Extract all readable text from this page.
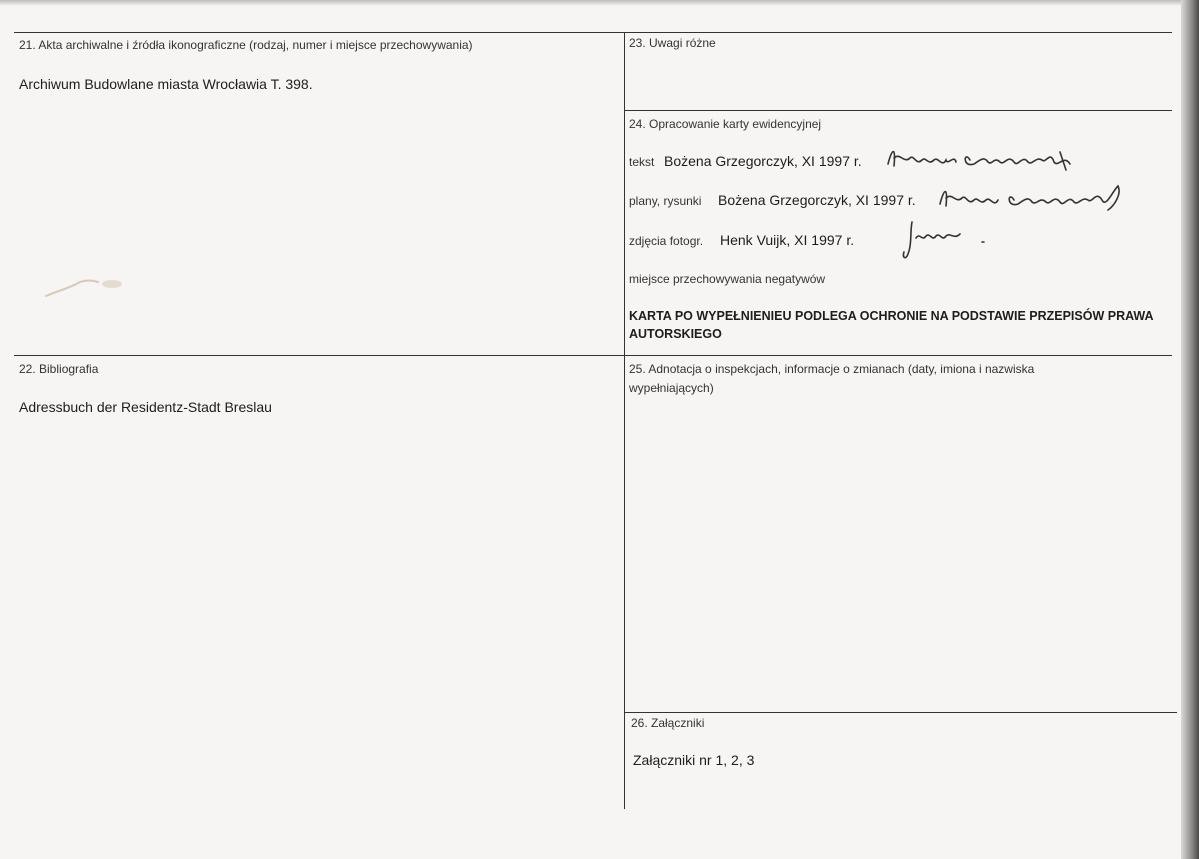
21. Akta archiwalne i źródła ikonograficzne (rodzaj, numer i miejsce przechowywania)
Archiwum Budowlane miasta Wrocławia T. 398.
22. Bibliografia
Adressbuch der Residentz-Stadt Breslau
23. Uwagi różne
24. Opracowanie karty ewidencyjnej
tekst Bożena Grzegorczyk, XI 1997 r.
plany, rysunki Bożena Grzegorczyk, XI 1997 r.
zdjęcia fotogr. Henk Vuijk, XI 1997 r.
miejsce przechowywania negatywów
KARTA PO WYPEŁNIENIEU PODLEGA OCHRONIE NA PODSTAWIE PRZEPISÓW PRAWA AUTORSKIEGO
25. Adnotacja o inspekcjach, informacje o zmianach (daty, imiona i nazwiska wypełniających)
26. Załączniki
Załączniki nr 1, 2, 3
